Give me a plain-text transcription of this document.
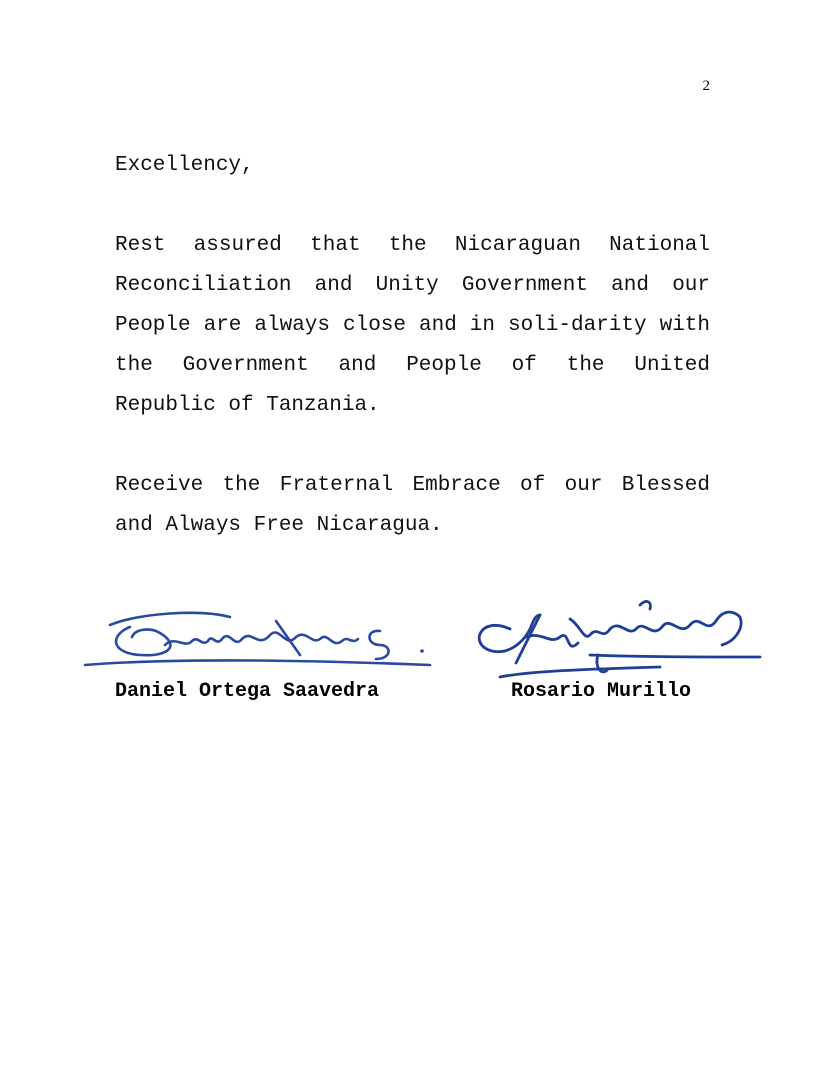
2

Excellency,

Rest assured that the Nicaraguan National Reconciliation and Unity Government and our People are always close and in soli-darity with the Government and People of the United Republic of Tanzania.

Receive the Fraternal Embrace of our Blessed and Always Free Nicaragua.

Daniel Ortega Saavedra	Rosario Murillo
